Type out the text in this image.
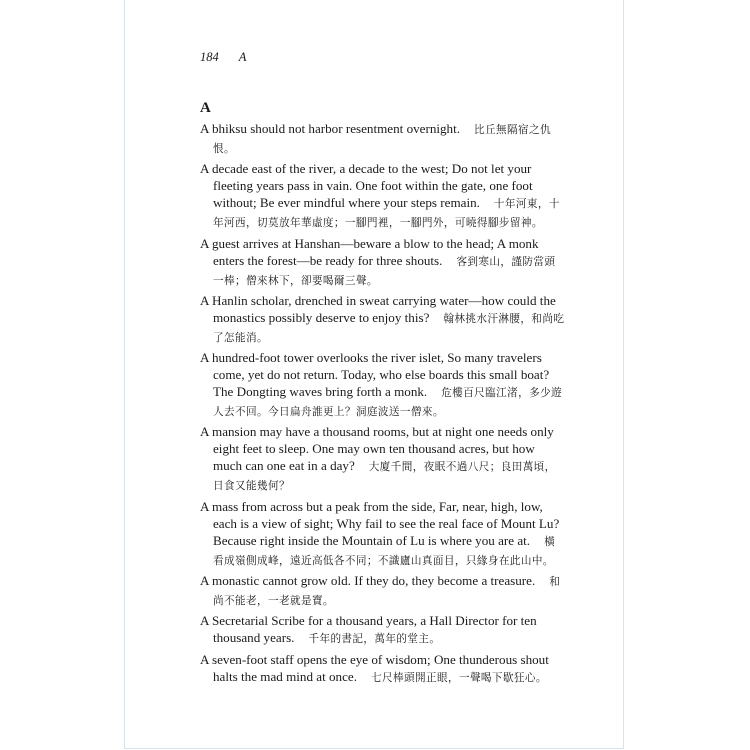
184 A
A

A bhiksu should not harbor resentment overnight. 比丘無隔宿之仇恨。

A decade east of the river, a decade to the west; Do not let your fleeting years pass in vain. One foot within the gate, one foot without; Be ever mindful where your steps remain. 十年河東，十年河西，切莫放年華虛度；一腳門裡，一腳門外，可曉得腳步留神。

A guest arrives at Hanshan—beware a blow to the head; A monk enters the forest—be ready for three shouts. 客到寒山，謹防當頭一棒；僧來林下，卻要喝爾三聲。

A Hanlin scholar, drenched in sweat carrying water—how could the monastics possibly deserve to enjoy this? 翰林挑水汗淋腰，和尚吃了怎能消。

A hundred-foot tower overlooks the river islet, So many travelers come, yet do not return. Today, who else boards this small boat? The Dongting waves bring forth a monk. 危樓百尺臨江渚，多少遊人去不回。今日扁舟誰更上？洞庭波送一僧來。

A mansion may have a thousand rooms, but at night one needs only eight feet to sleep. One may own ten thousand acres, but how much can one eat in a day? 大廈千間，夜眠不過八尺；良田萬頃，日食又能幾何？

A mass from across but a peak from the side, Far, near, high, low, each is a view of sight; Why fail to see the real face of Mount Lu? Because right inside the Mountain of Lu is where you are at. 橫看成嶺側成峰，遠近高低各不同；不識廬山真面目，只緣身在此山中。

A monastic cannot grow old. If they do, they become a treasure. 和尚不能老，一老就是寶。

A Secretarial Scribe for a thousand years, a Hall Director for ten thousand years. 千年的書記，萬年的堂主。

A seven-foot staff opens the eye of wisdom; One thunderous shout halts the mad mind at once. 七尺棒頭開正眼，一聲喝下歇狂心。
